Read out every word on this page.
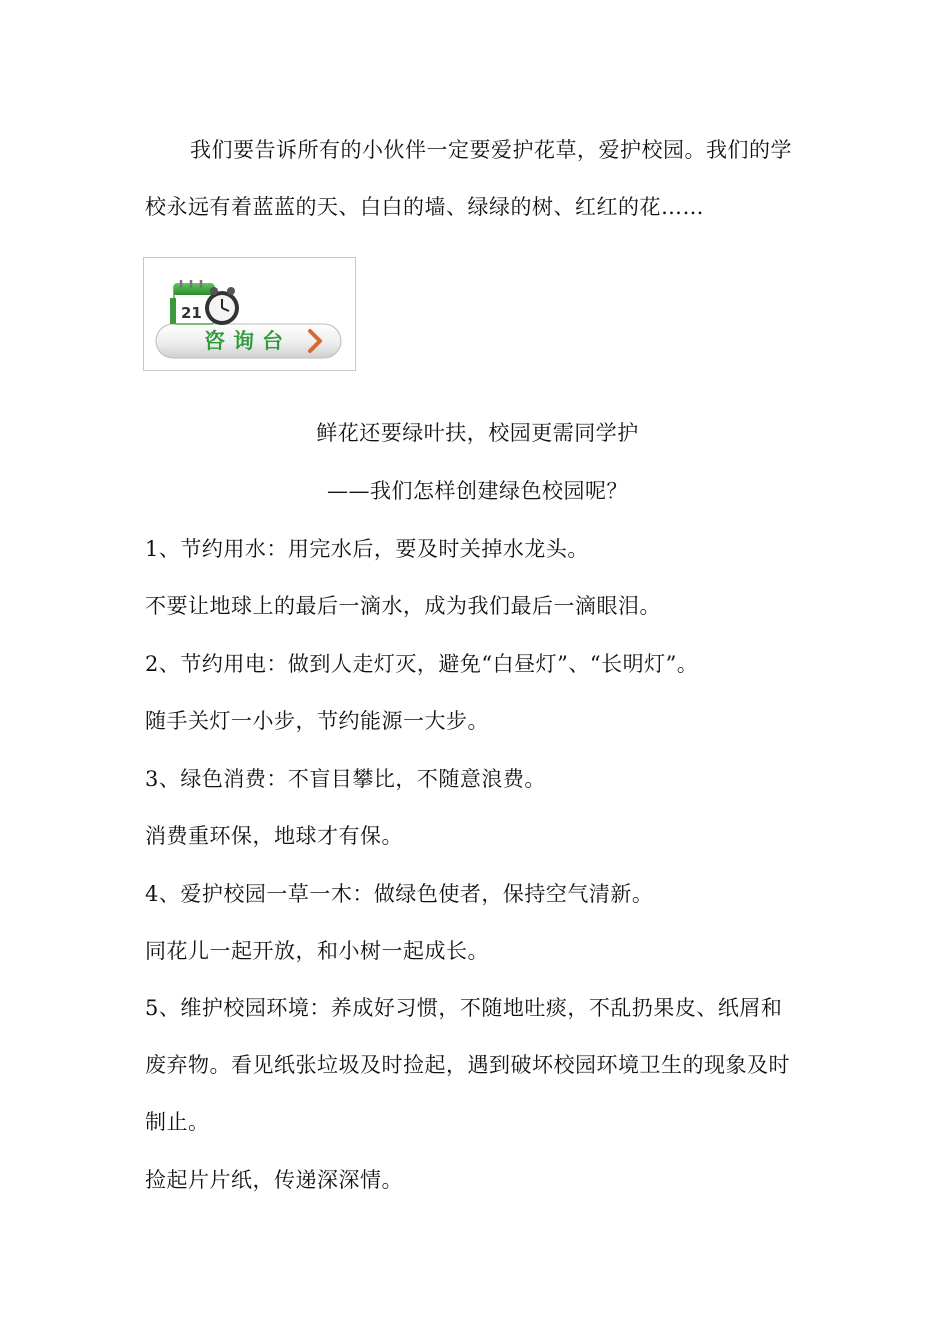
我们要告诉所有的小伙伴一定要爱护花草，爱护校园。我们的学
校永远有着蓝蓝的天、白白的墙、绿绿的树、红红的花……
21
咨询台
鲜花还要绿叶扶，校园更需同学护
——我们怎样创建绿色校园呢？
1、节约用水：用完水后，要及时关掉水龙头。
不要让地球上的最后一滴水，成为我们最后一滴眼泪。
2、节约用电：做到人走灯灭，避免“白昼灯”、“长明灯”。
随手关灯一小步，节约能源一大步。
3、绿色消费：不盲目攀比，不随意浪费。
消费重环保，地球才有保。
4、爱护校园一草一木：做绿色使者，保持空气清新。
同花儿一起开放，和小树一起成长。
5、维护校园环境：养成好习惯，不随地吐痰，不乱扔果皮、纸屑和
废弃物。看见纸张垃圾及时捡起，遇到破坏校园环境卫生的现象及时
制止。
捡起片片纸，传递深深情。
